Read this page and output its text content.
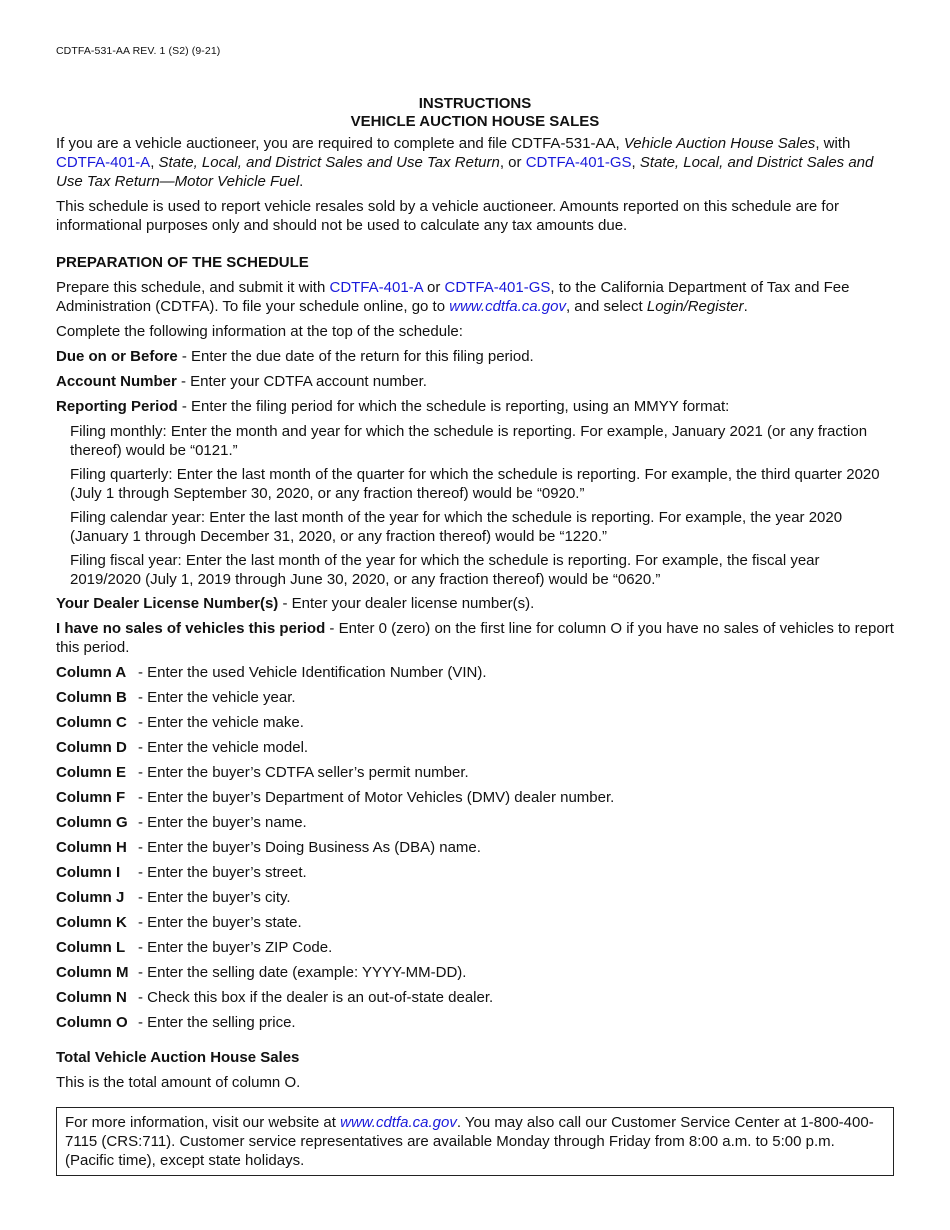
CDTFA-531-AA REV. 1 (S2) (9-21)
INSTRUCTIONS
VEHICLE AUCTION HOUSE SALES

If you are a vehicle auctioneer, you are required to complete and file CDTFA-531-AA, Vehicle Auction House Sales, with CDTFA-401-A, State, Local, and District Sales and Use Tax Return, or CDTFA-401-GS, State, Local, and District Sales and Use Tax Return—Motor Vehicle Fuel.

This schedule is used to report vehicle resales sold by a vehicle auctioneer. Amounts reported on this schedule are for informational purposes only and should not be used to calculate any tax amounts due.

PREPARATION OF THE SCHEDULE

Prepare this schedule, and submit it with CDTFA-401-A or CDTFA-401-GS, to the California Department of Tax and Fee Administration (CDTFA). To file your schedule online, go to www.cdtfa.ca.gov, and select Login/Register.

Complete the following information at the top of the schedule:

Due on or Before - Enter the due date of the return for this filing period.

Account Number - Enter your CDTFA account number.

Reporting Period - Enter the filing period for which the schedule is reporting, using an MMYY format:

Filing monthly: Enter the month and year for which the schedule is reporting. For example, January 2021 (or any fraction thereof) would be “0121.”

Filing quarterly: Enter the last month of the quarter for which the schedule is reporting. For example, the third quarter 2020 (July 1 through September 30, 2020, or any fraction thereof) would be “0920.”

Filing calendar year: Enter the last month of the year for which the schedule is reporting. For example, the year 2020 (January 1 through December 31, 2020, or any fraction thereof) would be “1220.”

Filing fiscal year: Enter the last month of the year for which the schedule is reporting. For example, the fiscal year 2019/2020 (July 1, 2019 through June 30, 2020, or any fraction thereof) would be “0620.”

Your Dealer License Number(s) - Enter your dealer license number(s).

I have no sales of vehicles this period - Enter 0 (zero) on the first line for column O if you have no sales of vehicles to report this period.

Column A - Enter the used Vehicle Identification Number (VIN).

Column B - Enter the vehicle year.

Column C - Enter the vehicle make.

Column D - Enter the vehicle model.

Column E - Enter the buyer’s CDTFA seller’s permit number.

Column F - Enter the buyer’s Department of Motor Vehicles (DMV) dealer number.

Column G - Enter the buyer’s name.

Column H - Enter the buyer’s Doing Business As (DBA) name.

Column I - Enter the buyer’s street.

Column J - Enter the buyer’s city.

Column K - Enter the buyer’s state.

Column L - Enter the buyer’s ZIP Code.

Column M - Enter the selling date (example: YYYY-MM-DD).

Column N - Check this box if the dealer is an out-of-state dealer.

Column O - Enter the selling price.

Total Vehicle Auction House Sales

This is the total amount of column O.

For more information, visit our website at www.cdtfa.ca.gov. You may also call our Customer Service Center at 1-800-400-7115 (CRS:711). Customer service representatives are available Monday through Friday from 8:00 a.m. to 5:00 p.m. (Pacific time), except state holidays.
